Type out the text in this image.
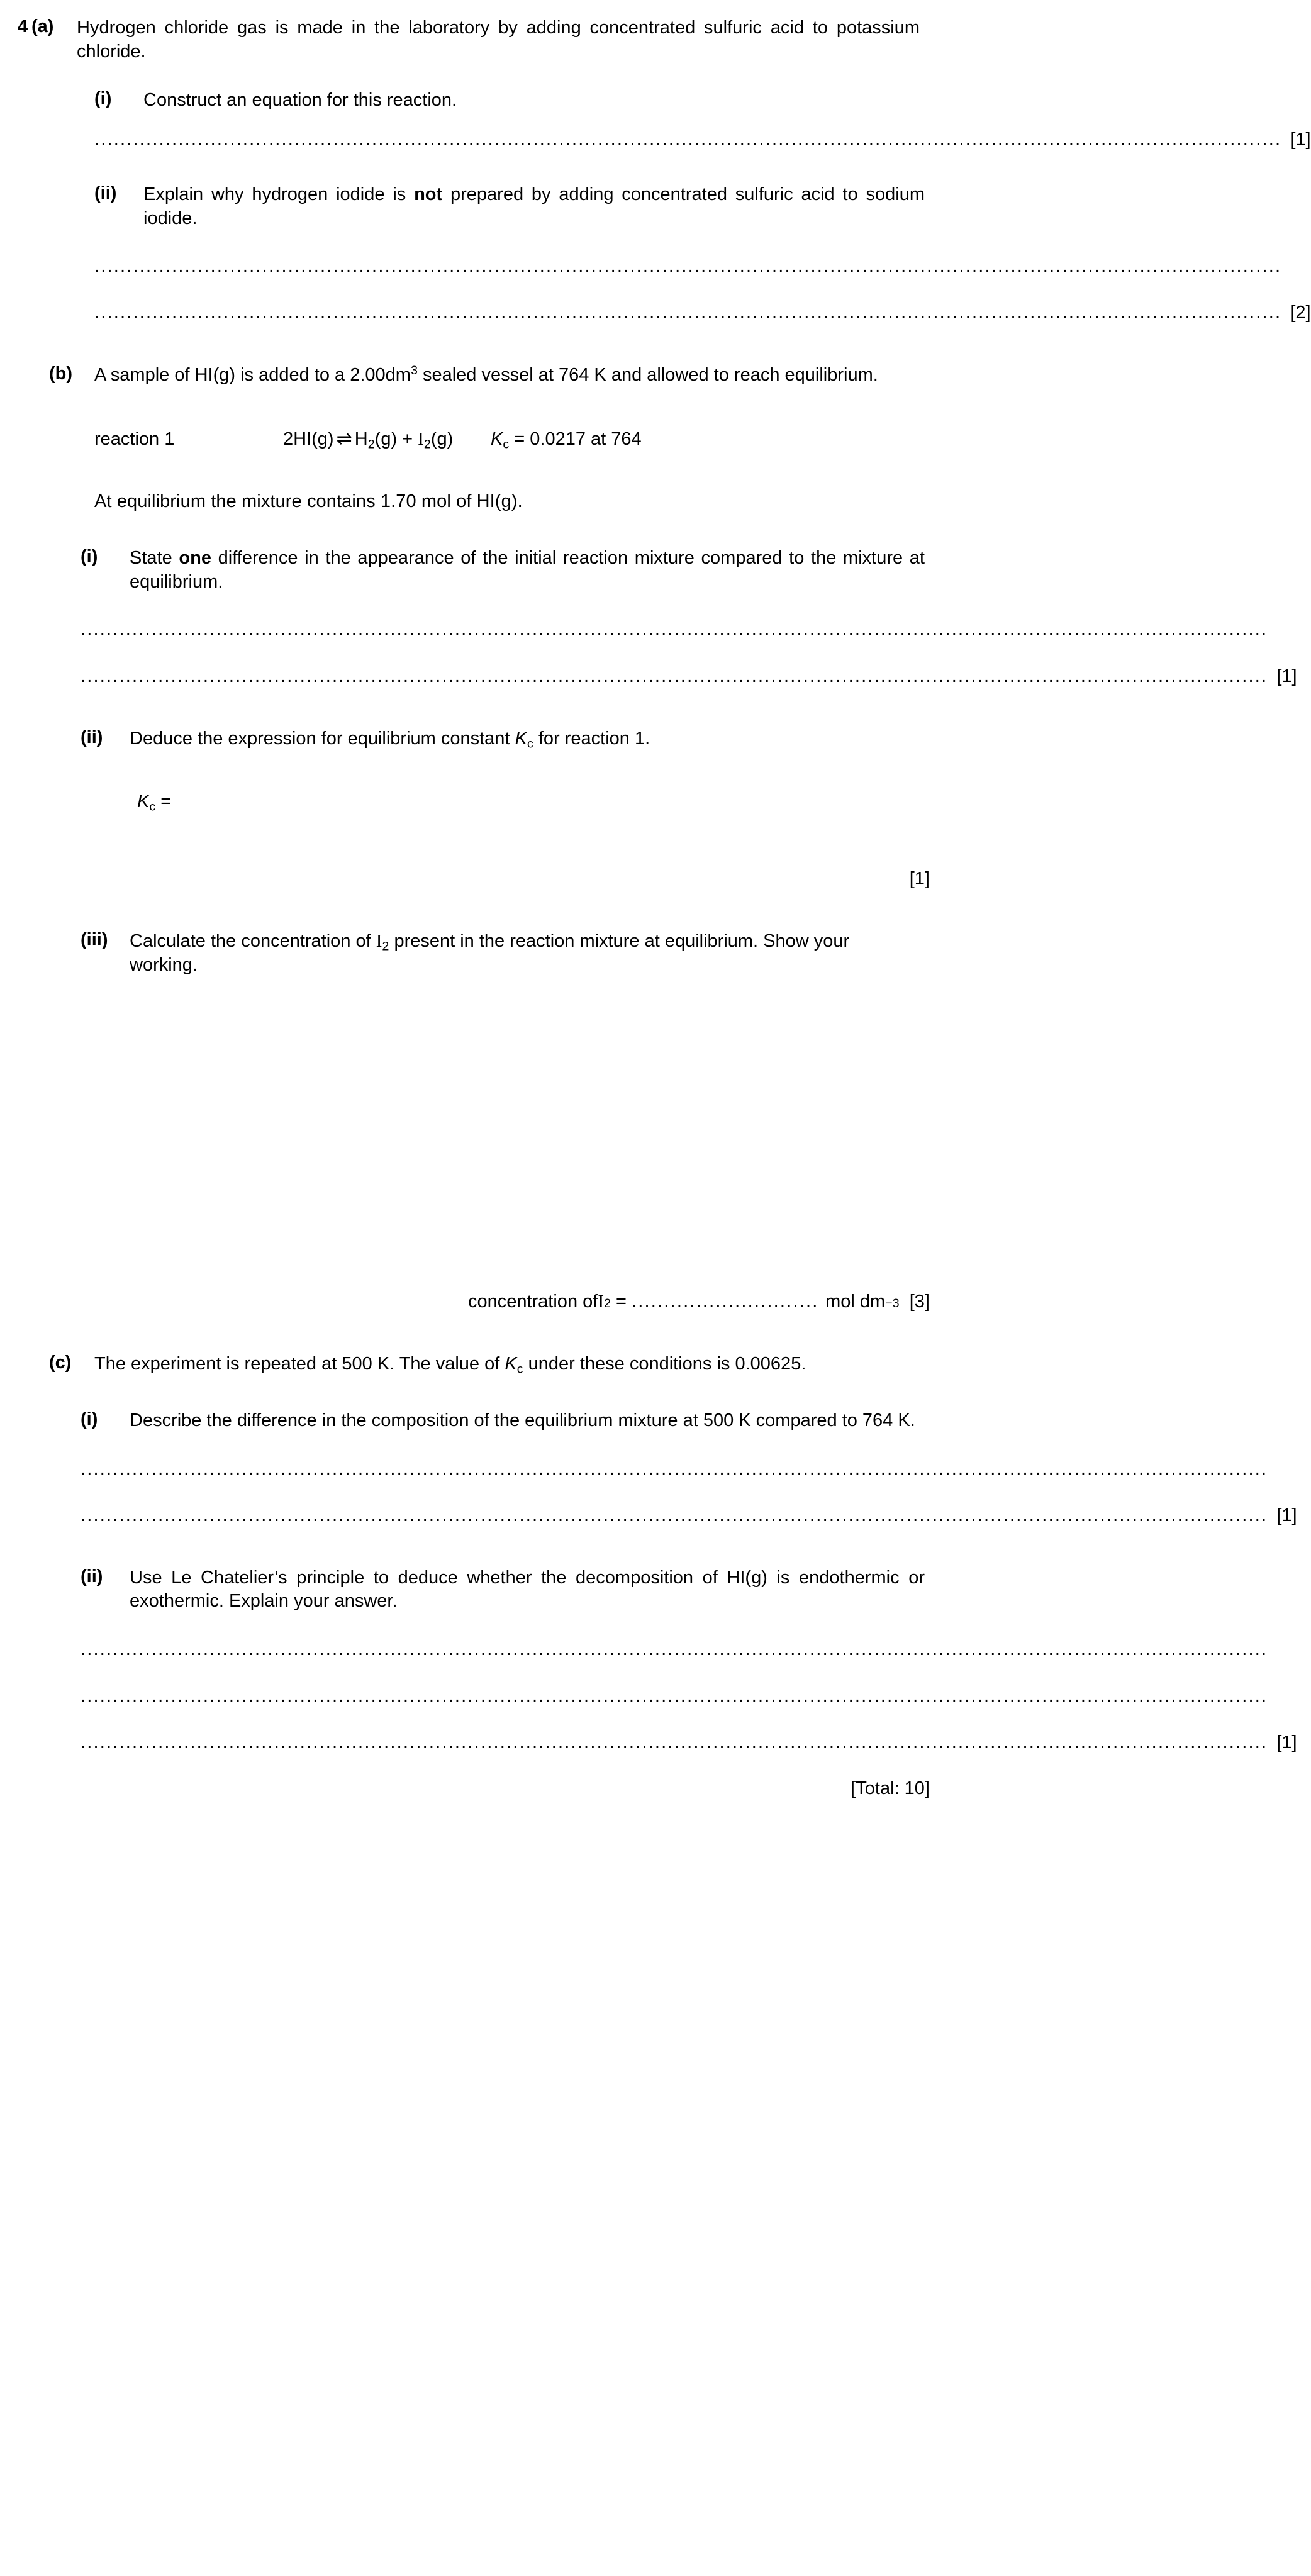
4 (a)	Hydrogen chloride gas is made in the laboratory by adding concentrated sulfuric acid to potassium chloride.
(i)	Construct an equation for this reaction.
........................................................................................................................................................................................ [1]
(ii)	Explain why hydrogen iodide is not prepared by adding concentrated sulfuric acid to sodium iodide.
........................................................................................................................................................................................
........................................................................................................................................................................................ [2]
(b)	A sample of HI(g) is added to a $2.00dm^3$ sealed vessel at 764 K and allowed to reach equilibrium.
reaction 1	2HI(g) ⇌ $H_2(g) + I_2(g)$	$K_c = 0.0217$ at 764
At equilibrium the mixture contains 1.70 mol of HI(g).
(i)	State one difference in the appearance of the initial reaction mixture compared to the mixture at equilibrium.
........................................................................................................................................................................................
........................................................................................................................................................................................ [1]
(ii)	Deduce the expression for equilibrium constant $K_c$ for reaction 1.
$K_c$ =
[1]
(iii)	Calculate the concentration of $I_2$ present in the reaction mixture at equilibrium. Show your working.
concentration of I 2
=
.............................
mol dm −3
[3]
(c)	The experiment is repeated at 500 K. The value of $K_c$ under these conditions is 0.00625.
(i)	Describe the difference in the composition of the equilibrium mixture at 500 K compared to 764 K.
........................................................................................................................................................................................
........................................................................................................................................................................................ [1]
(ii)	Use Le Chatelier’s principle to deduce whether the decomposition of HI(g) is endothermic or exothermic. Explain your answer.
........................................................................................................................................................................................
........................................................................................................................................................................................
........................................................................................................................................................................................ [1]
[Total: 10]
